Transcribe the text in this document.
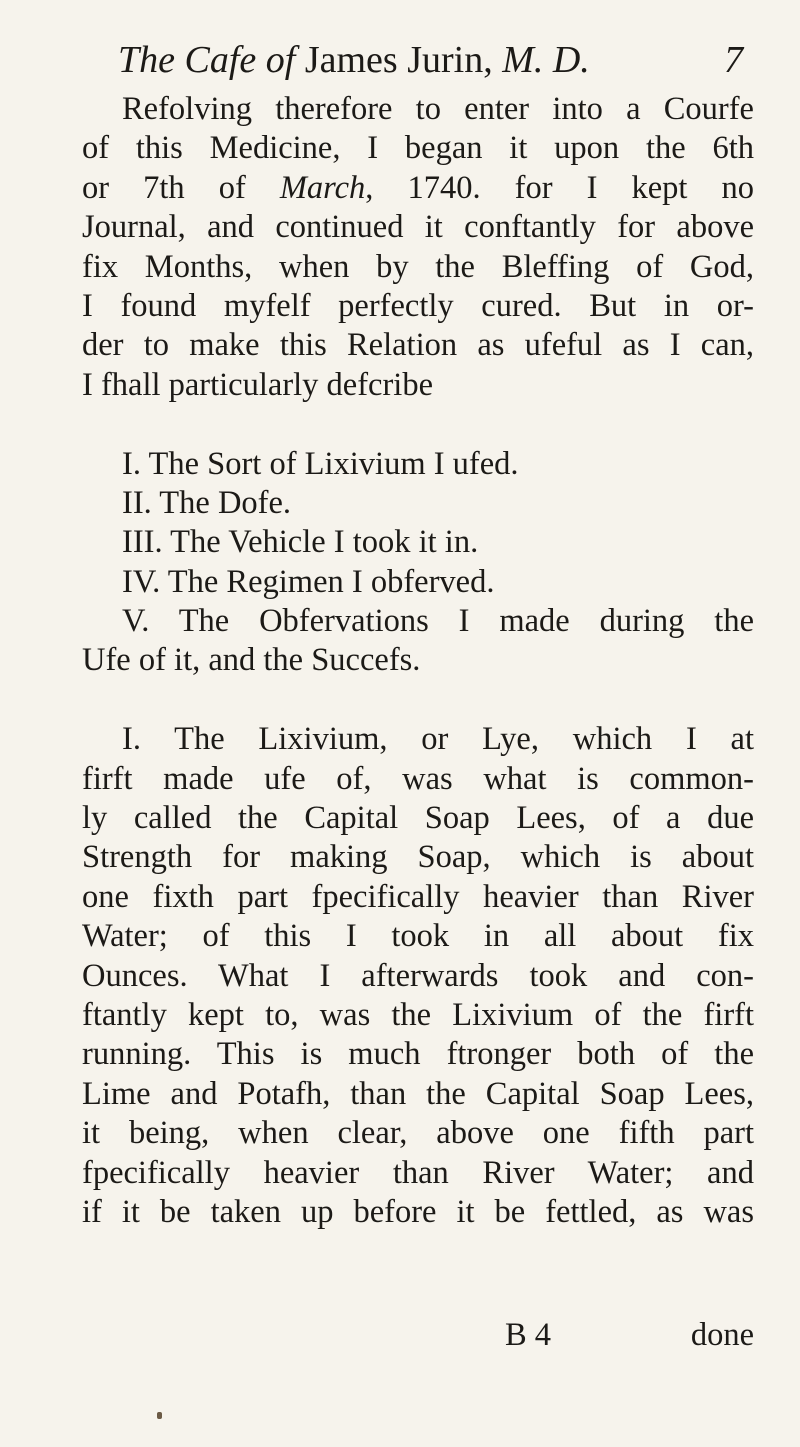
The Cafe of James Jurin, M. D.	7
Refolving therefore to enter into a Courfe
of this Medicine, I began it upon the 6th
or 7th of March, 1740. for I kept no
Journal, and continued it conftantly for above
fix Months, when by the Bleffing of God,
I found myfelf perfectly cured. But in or-
der to make this Relation as ufeful as I can,
I fhall particularly defcribe
I. The Sort of Lixivium I ufed.
II. The Dofe.
III. The Vehicle I took it in.
IV. The Regimen I obferved.
V. The Obfervations I made during the
Ufe of it, and the Succefs.
I. The Lixivium, or Lye, which I at
firft made ufe of, was what is common-
ly called the Capital Soap Lees, of a due
Strength for making Soap, which is about
one fixth part fpecifically heavier than River
Water; of this I took in all about fix
Ounces. What I afterwards took and con-
ftantly kept to, was the Lixivium of the firft
running. This is much ftronger both of the
Lime and Potafh, than the Capital Soap Lees,
it being, when clear, above one fifth part
fpecifically heavier than River Water; and
if it be taken up before it be fettled, as was
B 4	done
